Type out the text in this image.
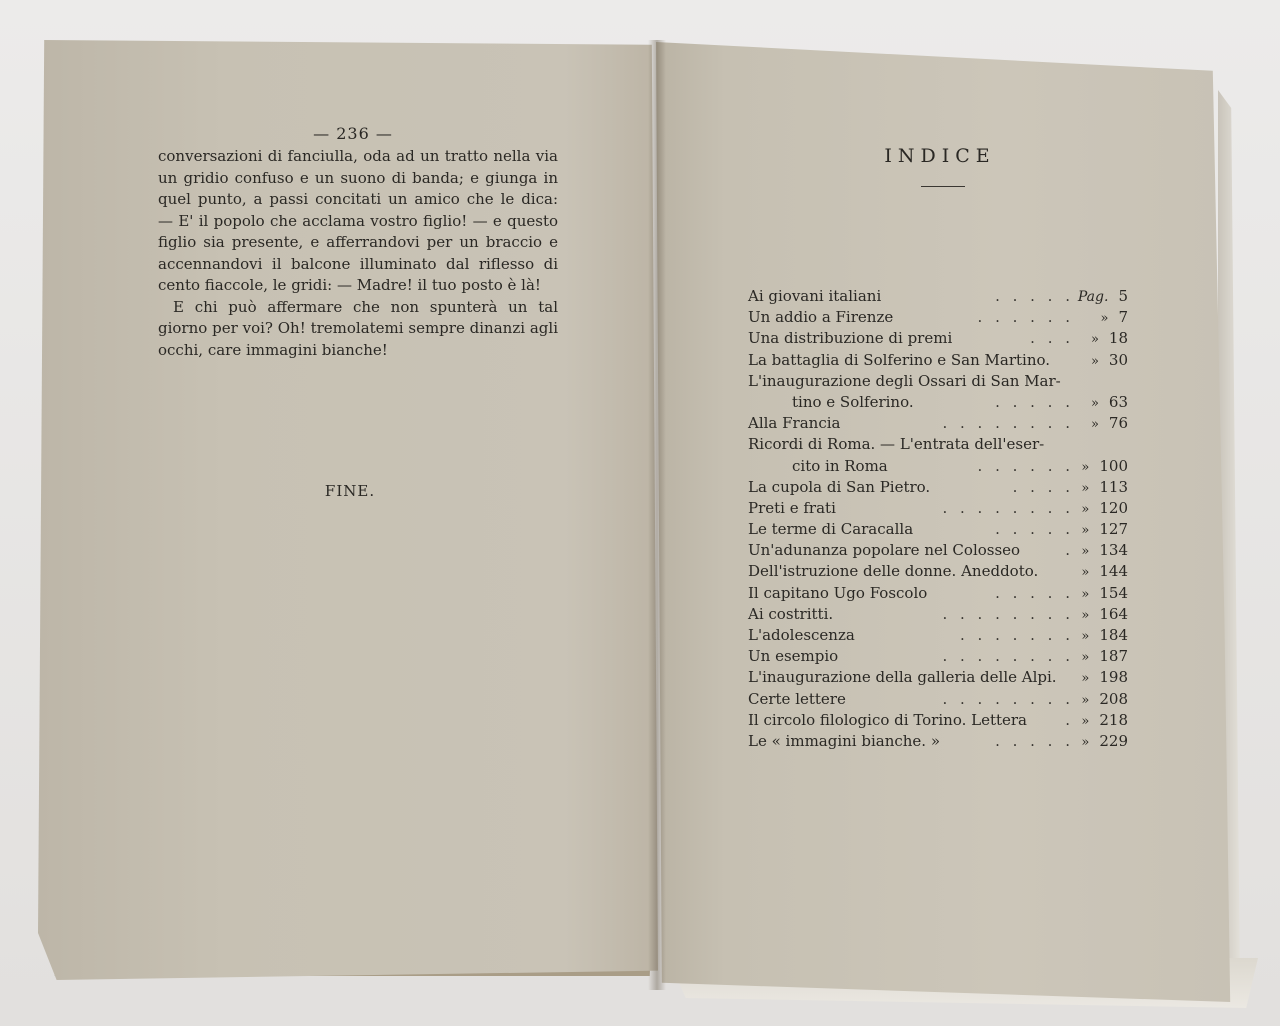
— 236 —

conversazioni di fanciulla, oda ad un tratto nella via un gridio confuso e un suono di banda; e giunga in quel punto, a passi concitati un amico che le dica: — E' il popolo che acclama vostro figlio! — e questo figlio sia presente, e afferrandovi per un braccio e accennandovi il balcone illuminato dal riflesso di cento fiaccole, le gridi: — Madre! il tuo posto è là!

E chi può affermare che non spunterà un tal giorno per voi? Oh! tremolatemi sempre dinanzi agli occhi, care immagini bianche!

FINE.
INDICE
Ai giovani italiani	. . . . . Pag. 5
Un addio a Firenze	. . . . . . » 7
Una distribuzione di premi	. . . » 18
La battaglia di Solferino e San Martino.	» 30
L'inaugurazione degli Ossari di San Mar-
tino e Solferino.	. . . . . » 63
Alla Francia	. . . . . . . . » 76
Ricordi di Roma. — L'entrata dell'eser-
cito in Roma	. . . . . . » 100
La cupola di San Pietro.	. . . . » 113
Preti e frati	. . . . . . . . » 120
Le terme di Caracalla	. . . . . » 127
Un'adunanza popolare nel Colosseo	. » 134
Dell'istruzione delle donne. Aneddoto.	» 144
Il capitano Ugo Foscolo	. . . . . » 154
Ai costritti.	. . . . . . . . » 164
L'adolescenza	. . . . . . . » 184
Un esempio	. . . . . . . . » 187
L'inaugurazione della galleria delle Alpi. » 198
Certe lettere	. . . . . . . . » 208
Il circolo filologico di Torino. Lettera	. » 218
Le « immagini bianche. »	. . . . . » 229
